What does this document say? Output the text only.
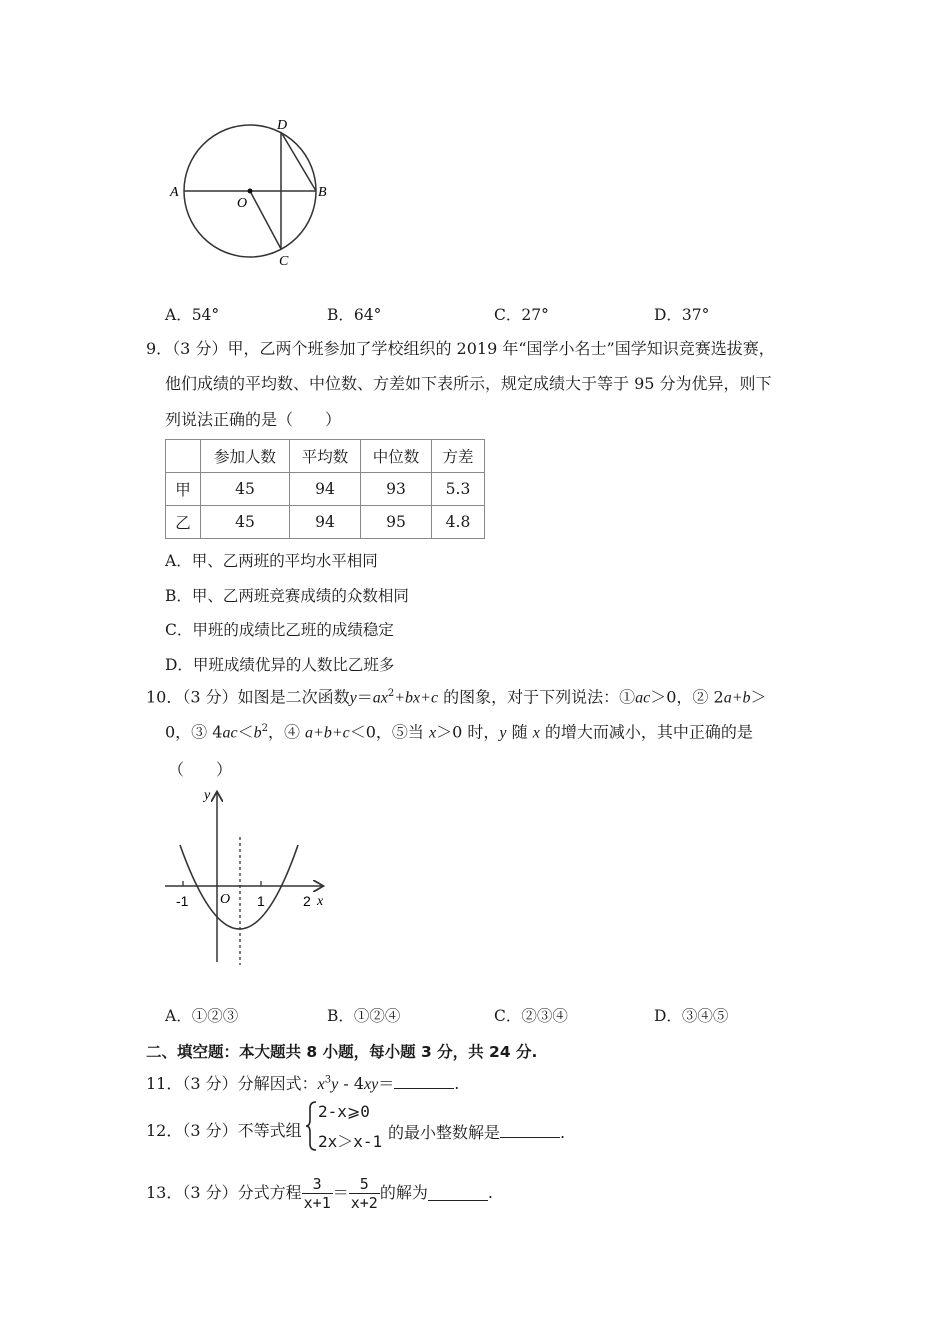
D
A	B
O
C
A．54°	B．64°	C．27°	D．37°
9．（3 分）甲，乙两个班参加了学校组织的 2019 年“国学小名士”国学知识竞赛选拔赛，
他们成绩的平均数、中位数、方差如下表所示，规定成绩大于等于 95 分为优异，则下
列说法正确的是（　　）
	参加人数	平均数	中位数	方差
甲	45	94	93	5.3
乙	45	94	95	4.8
A．甲、乙两班的平均水平相同
B．甲、乙两班竞赛成绩的众数相同
C．甲班的成绩比乙班的成绩稳定
D．甲班成绩优异的人数比乙班多
10．（3 分）如图是二次函数$y=ax^2+bx+c$ 的图象，对于下列说法：①ac＞0，② 2a+b＞
0，③ $4ac<b^2$，④ a+b+c＜0，⑤当 x＞0 时，y 随 x 的增大而减小，其中正确的是
（　　）
y
x
O
-1	1	2
A．①②③	B．①②④	C．②③④	D．③④⑤
二、填空题：本大题共 8 小题，每小题 3 分，共 24 分.
11．（3 分）分解因式：$x^3y - 4xy=$	.
12．（3 分）不等式组
2-x⩾0
2x＞x-1 的最小整数解是	.
13．（3 分）分式方程 $\frac{3}{x+1} = \frac{5}{x+2}$ 的解为	.
